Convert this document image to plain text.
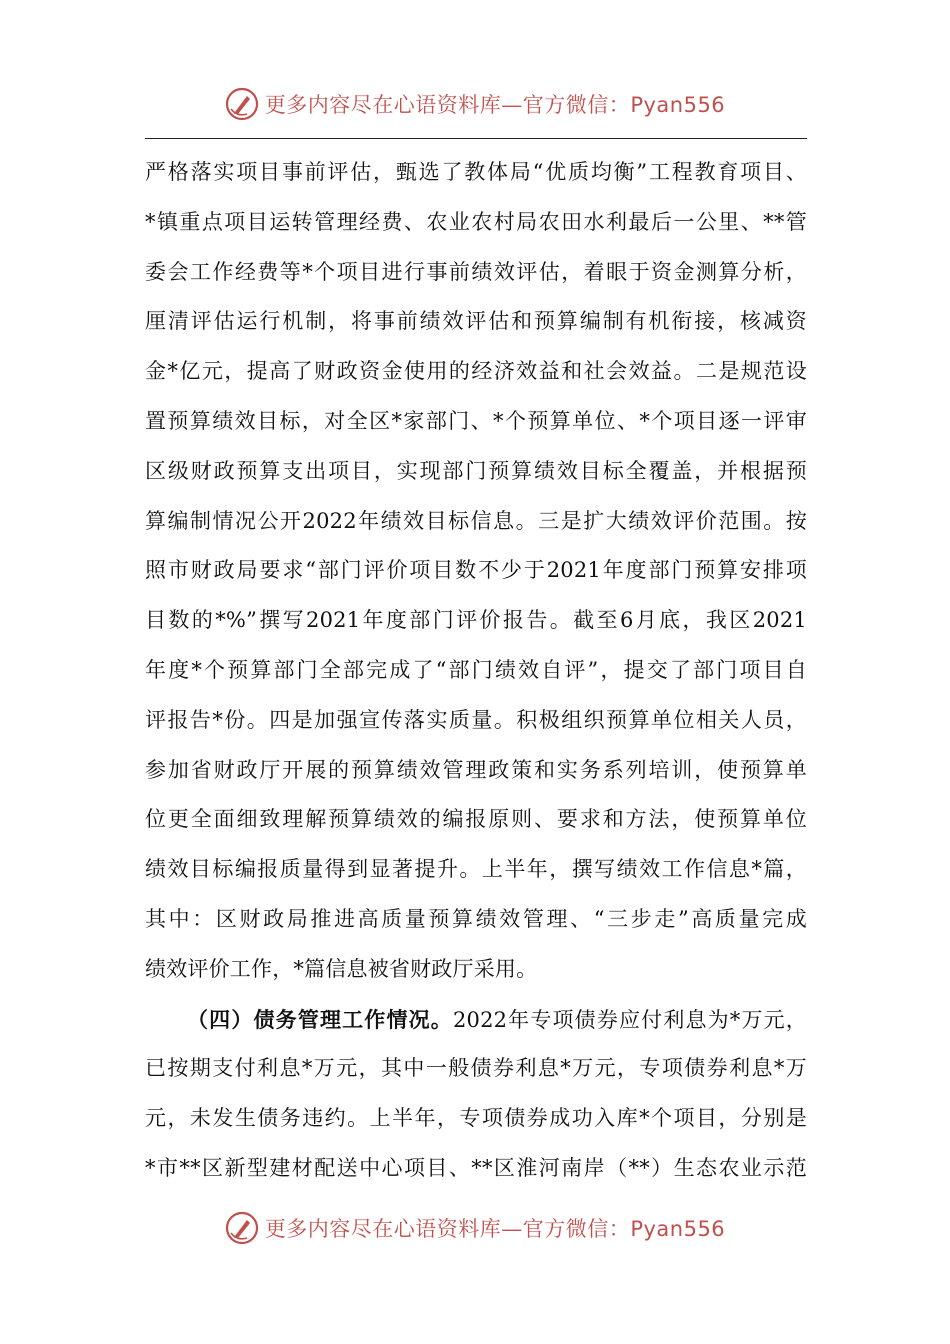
更多内容尽在心语资料库—官方微信：Pyan556
严格落实项目事前评估，甄选了教体局“优质均衡”工程教育项目、
*镇重点项目运转管理经费、农业农村局农田水利最后一公里、**管
委会工作经费等*个项目进行事前绩效评估，着眼于资金测算分析，
厘清评估运行机制，将事前绩效评估和预算编制有机衔接，核减资
金*亿元，提高了财政资金使用的经济效益和社会效益。二是规范设
置预算绩效目标，对全区*家部门、*个预算单位、*个项目逐一评审
区级财政预算支出项目，实现部门预算绩效目标全覆盖，并根据预
算编制情况公开2022年绩效目标信息。三是扩大绩效评价范围。按
照市财政局要求“部门评价项目数不少于2021年度部门预算安排项
目数的*%”撰写2021年度部门评价报告。截至6月底，我区2021
年度*个预算部门全部完成了“部门绩效自评”，提交了部门项目自
评报告*份。四是加强宣传落实质量。积极组织预算单位相关人员，
参加省财政厅开展的预算绩效管理政策和实务系列培训，使预算单
位更全面细致理解预算绩效的编报原则、要求和方法，使预算单位
绩效目标编报质量得到显著提升。上半年，撰写绩效工作信息*篇，
其中：区财政局推进高质量预算绩效管理、“三步走”高质量完成
绩效评价工作，*篇信息被省财政厅采用。
（四）债务管理工作情况。2022年专项债券应付利息为*万元，
已按期支付利息*万元，其中一般债券利息*万元，专项债券利息*万
元，未发生债务违约。上半年，专项债券成功入库*个项目，分别是
*市**区新型建材配送中心项目、**区淮河南岸（**）生态农业示范
更多内容尽在心语资料库—官方微信：Pyan556
